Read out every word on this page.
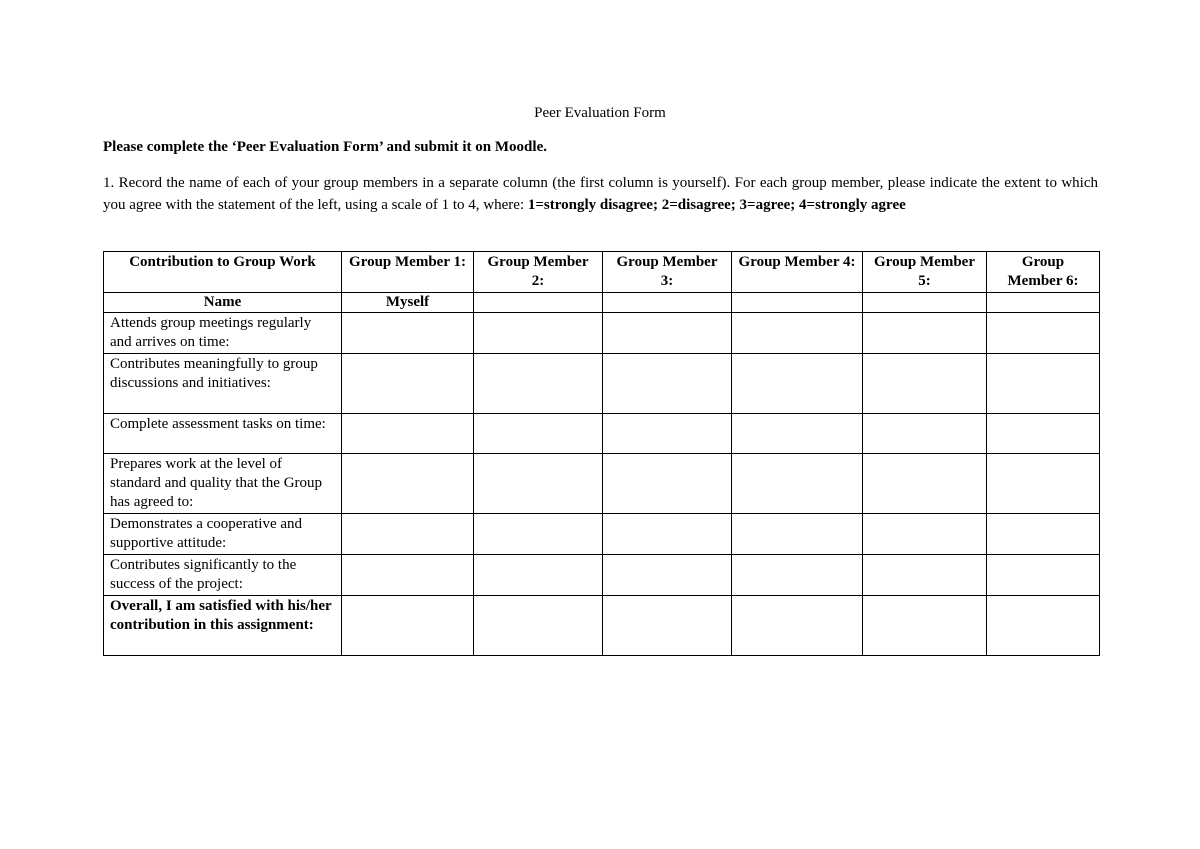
Peer Evaluation Form
Please complete the ‘Peer Evaluation Form’ and submit it on Moodle.
1. Record the name of each of your group members in a separate column (the first column is yourself). For each group member, please indicate the extent to which you agree with the statement of the left, using a scale of 1 to 4, where: 1=strongly disagree; 2=disagree; 3=agree; 4=strongly agree
Contribution to Group Work	Group Member 1:	Group Member 2:	Group Member 3:	Group Member 4:	Group Member 5:	Group Member 6:
Name	Myself					
Attends group meetings regularly and arrives on time:						
Contributes meaningfully to group discussions and initiatives:						
Complete assessment tasks on time:						
Prepares work at the level of standard and quality that the Group has agreed to:						
Demonstrates a cooperative and supportive attitude:						
Contributes significantly to the success of the project:						
Overall, I am satisfied with his/her contribution in this assignment:						
